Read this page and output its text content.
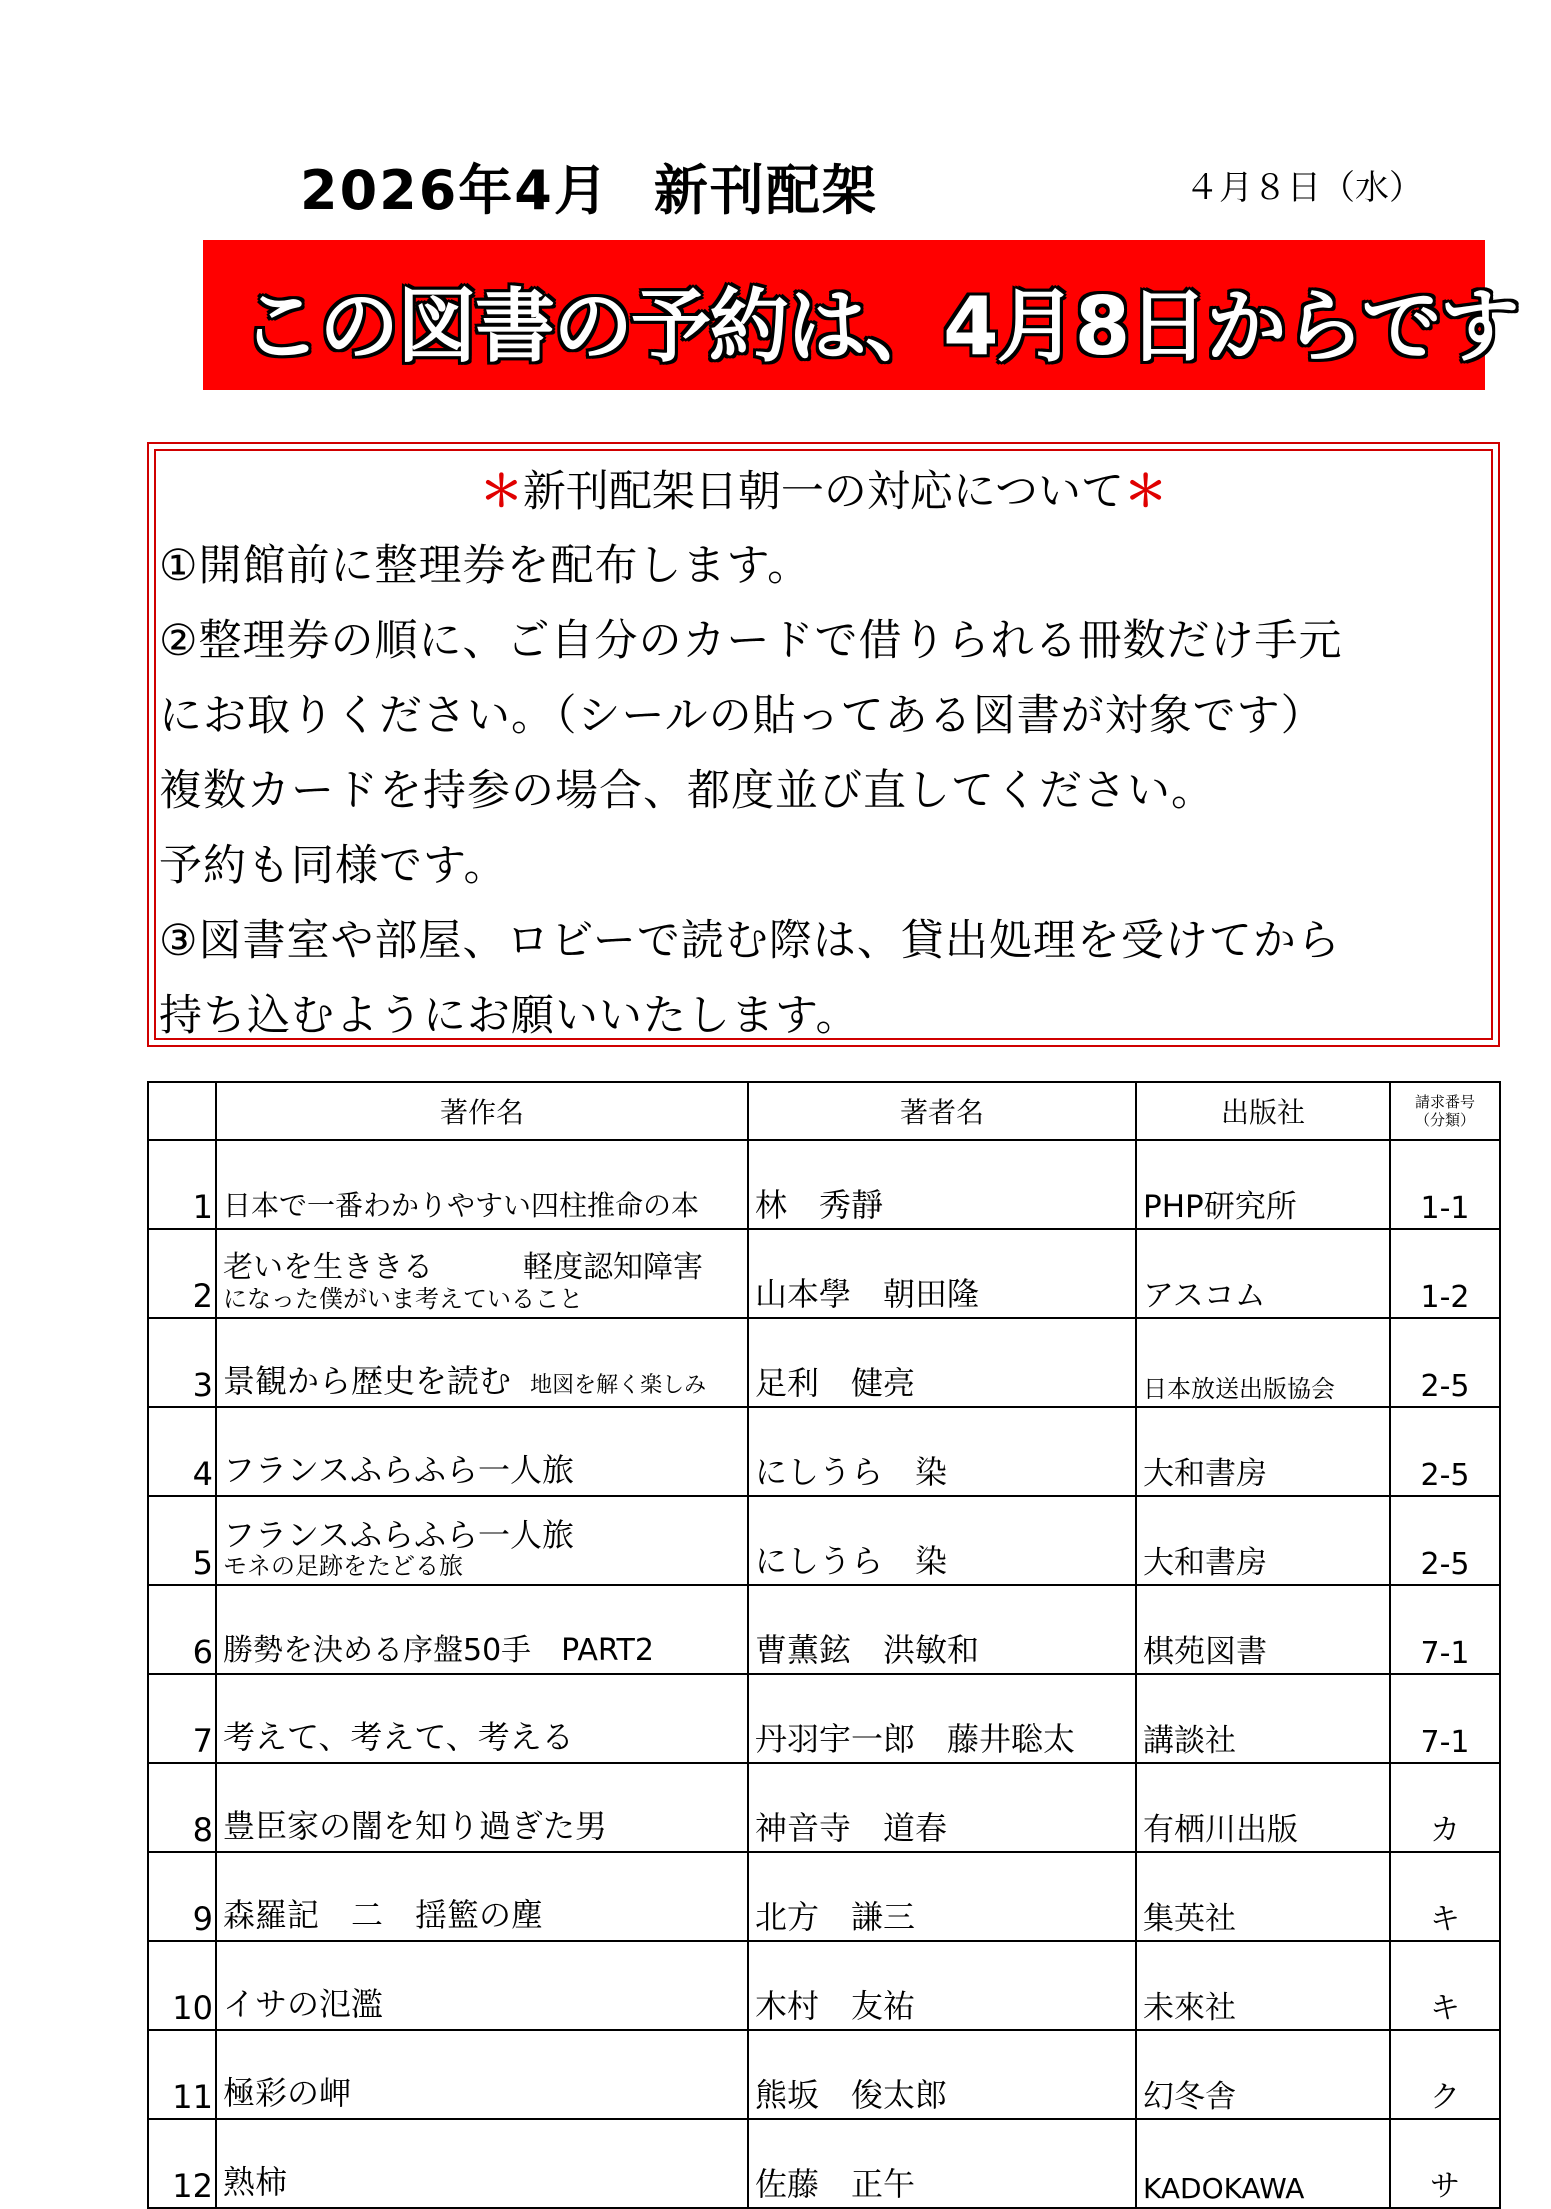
2026年4月 新刊配架	４月８日（水）
この図書の予約は、4月8日からです
＊新刊配架日朝一の対応について＊
①開館前に整理券を配布します。
②整理券の順に、ご自分のカードで借りられる冊数だけ手元
にお取りください。（シールの貼ってある図書が対象です）
複数カードを持参の場合、都度並び直してください。
予約も同様です。
③図書室や部屋、ロビーで読む際は、貸出処理を受けてから
持ち込むようにお願いいたします。
	著作名	著者名	出版社	請求番号
（分類）

1	日本で一番わかりやすい四柱推命の本	林　秀靜	PHP研究所	1-1
2	老いを生ききる　　　軽度認知障害
になった僕がいま考えていること	山本學　朝田隆	アスコム	1-2
3	景観から歴史を読む 地図を解く楽しみ	足利　健亮	日本放送出版協会	2-5
4	フランスふらふら一人旅	にしうら　染	大和書房	2-5
5	フランスふらふら一人旅
モネの足跡をたどる旅	にしうら　染	大和書房	2-5
6	勝勢を決める序盤50手　PART2	曹薫鉉　洪敏和	棋苑図書	7-1
7	考えて、考えて、考える	丹羽宇一郎　藤井聡太	講談社	7-1
8	豊臣家の闇を知り過ぎた男	神音寺　道春	有栖川出版	カ
9	森羅記　二　揺籃の塵	北方　謙三	集英社	キ
10	イサの氾濫	木村　友祐	未來社	キ
11	極彩の岬	熊坂　俊太郎	幻冬舎	ク
12	熟柿	佐藤　正午	KADOKAWA	サ
